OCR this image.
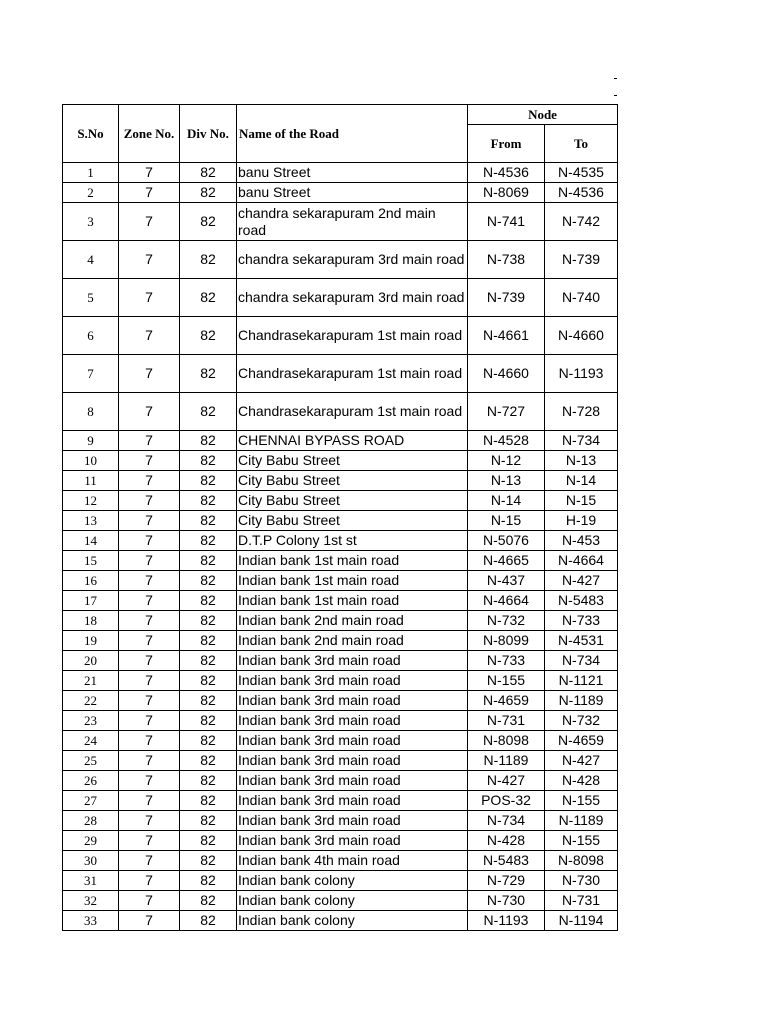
S.No	Zone No.	Div No.	Name of the Road	Node	
				From	To
1	7	82	banu Street	N-4536	N-4535
2	7	82	banu Street	N-8069	N-4536
3	7	82	chandra sekarapuram 2nd main road	N-741	N-742
4	7	82	chandra sekarapuram 3rd main road	N-738	N-739
5	7	82	chandra sekarapuram 3rd main road	N-739	N-740
6	7	82	Chandrasekarapuram 1st main road	N-4661	N-4660
7	7	82	Chandrasekarapuram 1st main road	N-4660	N-1193
8	7	82	Chandrasekarapuram 1st main road	N-727	N-728
9	7	82	CHENNAI BYPASS ROAD	N-4528	N-734
10	7	82	City Babu Street	N-12	N-13
11	7	82	City Babu Street	N-13	N-14
12	7	82	City Babu Street	N-14	N-15
13	7	82	City Babu Street	N-15	H-19
14	7	82	D.T.P Colony 1st st	N-5076	N-453
15	7	82	Indian bank 1st main road	N-4665	N-4664
16	7	82	Indian bank 1st main road	N-437	N-427
17	7	82	Indian bank 1st main road	N-4664	N-5483
18	7	82	Indian bank 2nd main road	N-732	N-733
19	7	82	Indian bank 2nd main road	N-8099	N-4531
20	7	82	Indian bank 3rd main road	N-733	N-734
21	7	82	Indian bank 3rd main road	N-155	N-1121
22	7	82	Indian bank 3rd main road	N-4659	N-1189
23	7	82	Indian bank 3rd main road	N-731	N-732
24	7	82	Indian bank 3rd main road	N-8098	N-4659
25	7	82	Indian bank 3rd main road	N-1189	N-427
26	7	82	Indian bank 3rd main road	N-427	N-428
27	7	82	Indian bank 3rd main road	POS-32	N-155
28	7	82	Indian bank 3rd main road	N-734	N-1189
29	7	82	Indian bank 3rd main road	N-428	N-155
30	7	82	Indian bank 4th main road	N-5483	N-8098
31	7	82	Indian bank colony	N-729	N-730
32	7	82	Indian bank colony	N-730	N-731
33	7	82	Indian bank colony	N-1193	N-1194
